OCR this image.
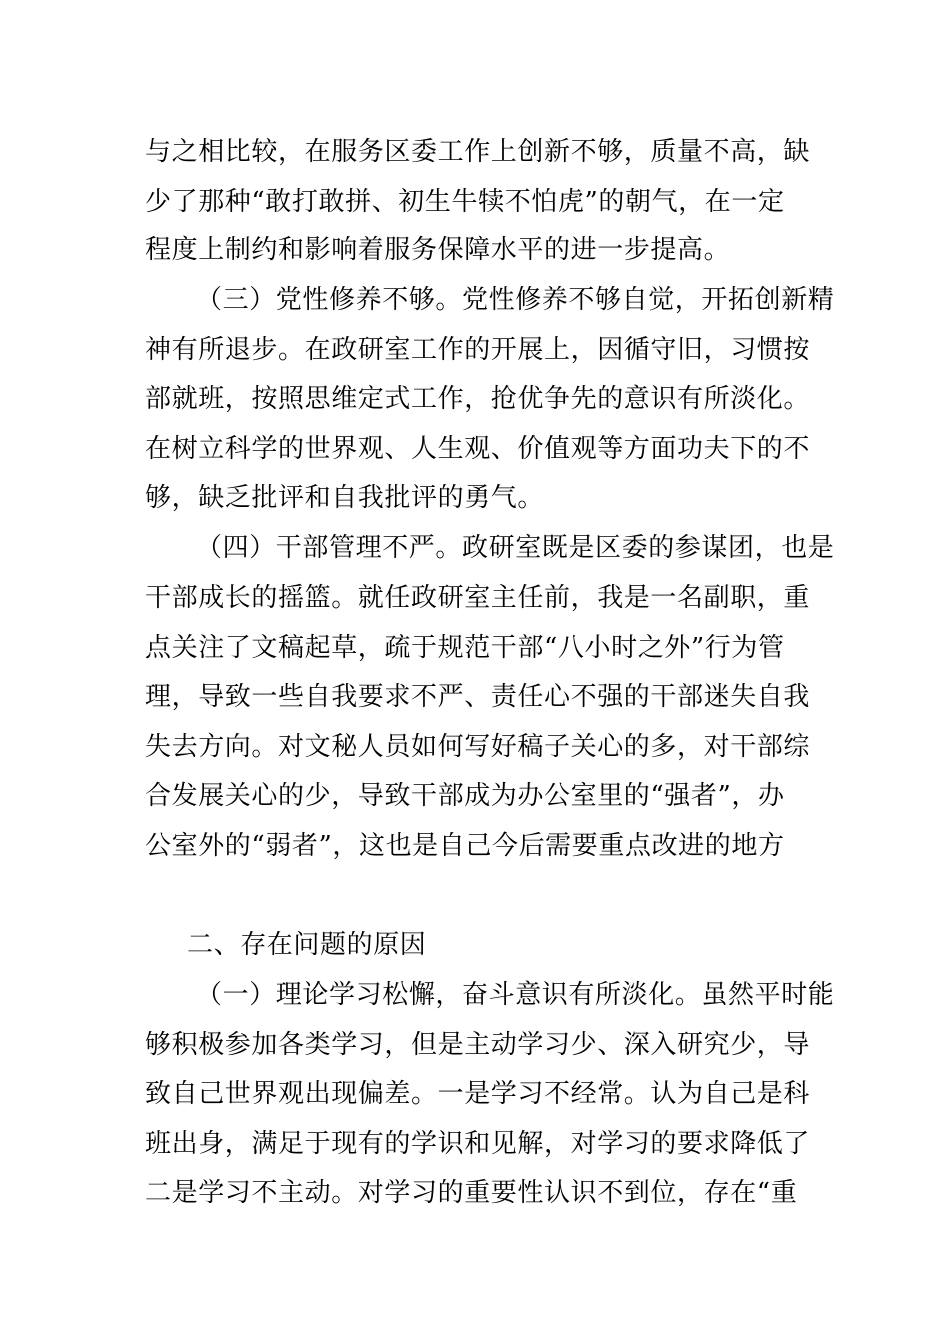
与之相比较，在服务区委工作上创新不够，质量不高，缺
少了那种“敢打敢拼、初生牛犊不怕虎”的朝气，在一定
程度上制约和影响着服务保障水平的进一步提高。
（三）党性修养不够。党性修养不够自觉，开拓创新精
神有所退步。在政研室工作的开展上，因循守旧，习惯按
部就班，按照思维定式工作，抢优争先的意识有所淡化。
在树立科学的世界观、人生观、价值观等方面功夫下的不
够，缺乏批评和自我批评的勇气。
（四）干部管理不严。政研室既是区委的参谋团，也是
干部成长的摇篮。就任政研室主任前，我是一名副职，重
点关注了文稿起草，疏于规范干部“八小时之外”行为管
理，导致一些自我要求不严、责任心不强的干部迷失自我
失去方向。对文秘人员如何写好稿子关心的多，对干部综
合发展关心的少，导致干部成为办公室里的“强者”，办
公室外的“弱者”，这也是自己今后需要重点改进的地方
二、存在问题的原因
（一）理论学习松懈，奋斗意识有所淡化。虽然平时能
够积极参加各类学习，但是主动学习少、深入研究少，导
致自己世界观出现偏差。一是学习不经常。认为自己是科
班出身，满足于现有的学识和见解，对学习的要求降低了
二是学习不主动。对学习的重要性认识不到位，存在“重
